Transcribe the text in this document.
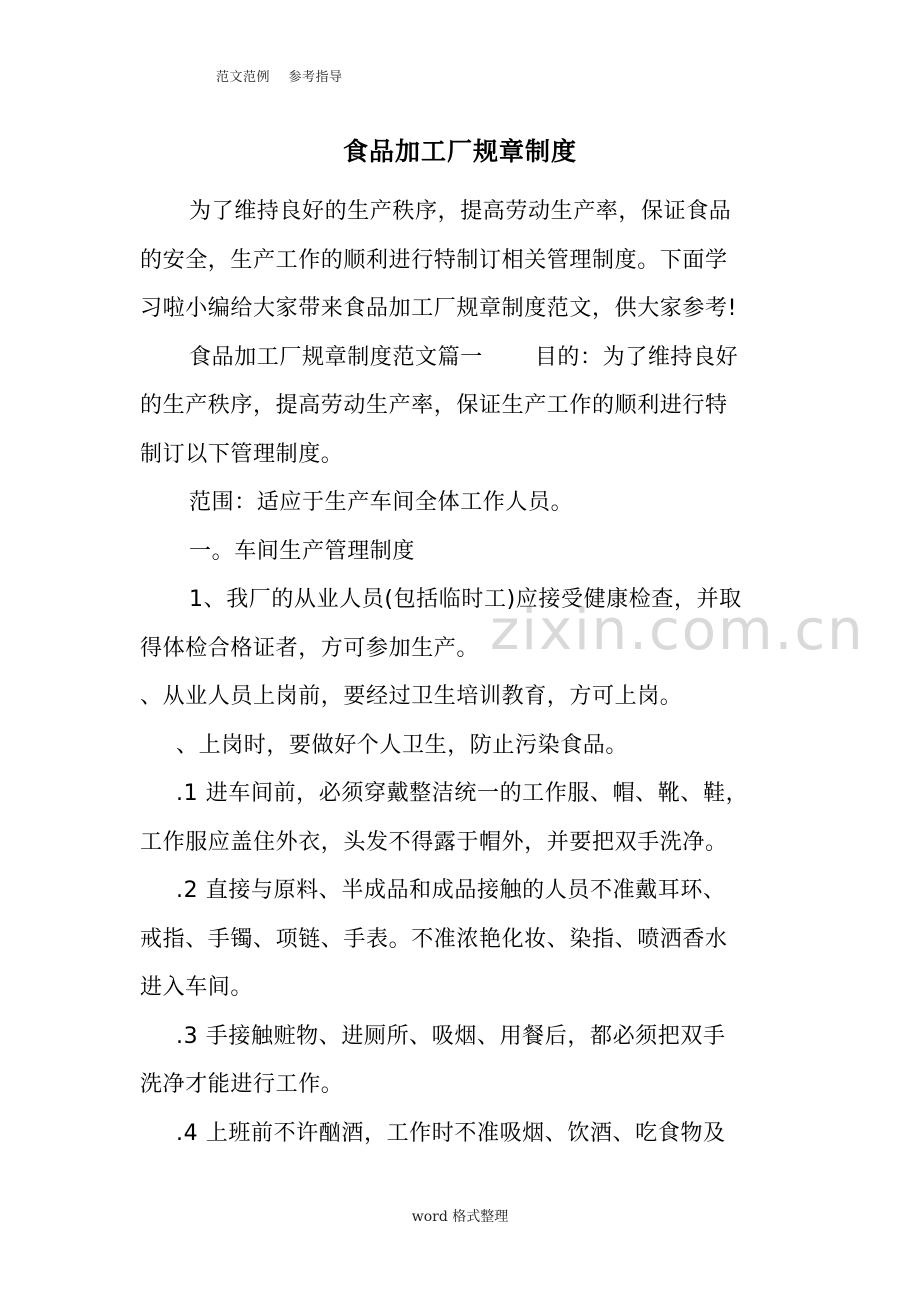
范文范例    参考指导
食品加工厂规章制度
为了维持良好的生产秩序，提高劳动生产率，保证食品
的安全，生产工作的顺利进行特制订相关管理制度。下面学
习啦小编给大家带来食品加工厂规章制度范文，供大家参考!
食品加工厂规章制度范文篇一 目的：为了维持良好
的生产秩序，提高劳动生产率，保证生产工作的顺利进行特
制订以下管理制度。
范围：适应于生产车间全体工作人员。
一。车间生产管理制度
1、我厂的从业人员(包括临时工)应接受健康检查，并取
得体检合格证者，方可参加生产。
、从业人员上岗前，要经过卫生培训教育，方可上岗。
、上岗时，要做好个人卫生，防止污染食品。
.1 进车间前，必须穿戴整洁统一的工作服、帽、靴、鞋，
工作服应盖住外衣，头发不得露于帽外，并要把双手洗净。
.2 直接与原料、半成品和成品接触的人员不准戴耳环、
戒指、手镯、项链、手表。不准浓艳化妆、染指、喷洒香水
进入车间。
.3 手接触赃物、进厕所、吸烟、用餐后，都必须把双手
洗净才能进行工作。
.4 上班前不许酗酒，工作时不准吸烟、饮酒、吃食物及
zixin.com.cn
word 格式整理
